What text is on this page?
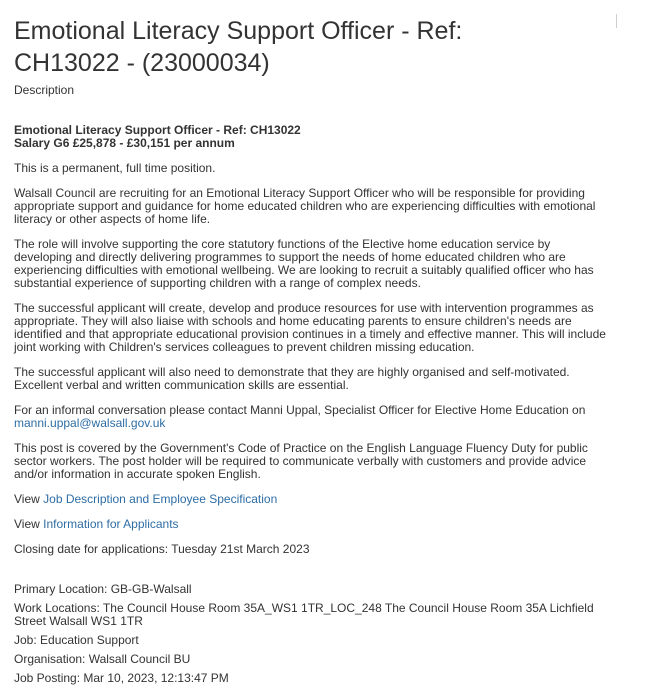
Emotional Literacy Support Officer - Ref:
CH13022 - (23000034)
Description

Emotional Literacy Support Officer - Ref: CH13022
Salary G6 £25,878 - £30,151 per annum

This is a permanent, full time position.

Walsall Council are recruiting for an Emotional Literacy Support Officer who will be responsible for providing appropriate support and guidance for home educated children who are experiencing difficulties with emotional literacy or other aspects of home life.

The role will involve supporting the core statutory functions of the Elective home education service by developing and directly delivering programmes to support the needs of home educated children who are experiencing difficulties with emotional wellbeing. We are looking to recruit a suitably qualified officer who has substantial experience of supporting children with a range of complex needs.

The successful applicant will create, develop and produce resources for use with intervention programmes as appropriate. They will also liaise with schools and home educating parents to ensure children's needs are identified and that appropriate educational provision continues in a timely and effective manner. This will include joint working with Children's services colleagues to prevent children missing education.

The successful applicant will also need to demonstrate that they are highly organised and self-motivated. Excellent verbal and written communication skills are essential.

For an informal conversation please contact Manni Uppal, Specialist Officer for Elective Home Education on manni.uppal@walsall.gov.uk

This post is covered by the Government's Code of Practice on the English Language Fluency Duty for public sector workers. The post holder will be required to communicate verbally with customers and provide advice and/or information in accurate spoken English.

View Job Description and Employee Specification

View Information for Applicants

Closing date for applications: Tuesday 21st March 2023

Primary Location: GB-GB-Walsall
Work Locations: The Council House Room 35A_WS1 1TR_LOC_248 The Council House Room 35A Lichfield Street Walsall WS1 1TR
Job: Education Support
Organisation: Walsall Council BU
Job Posting: Mar 10, 2023, 12:13:47 PM
